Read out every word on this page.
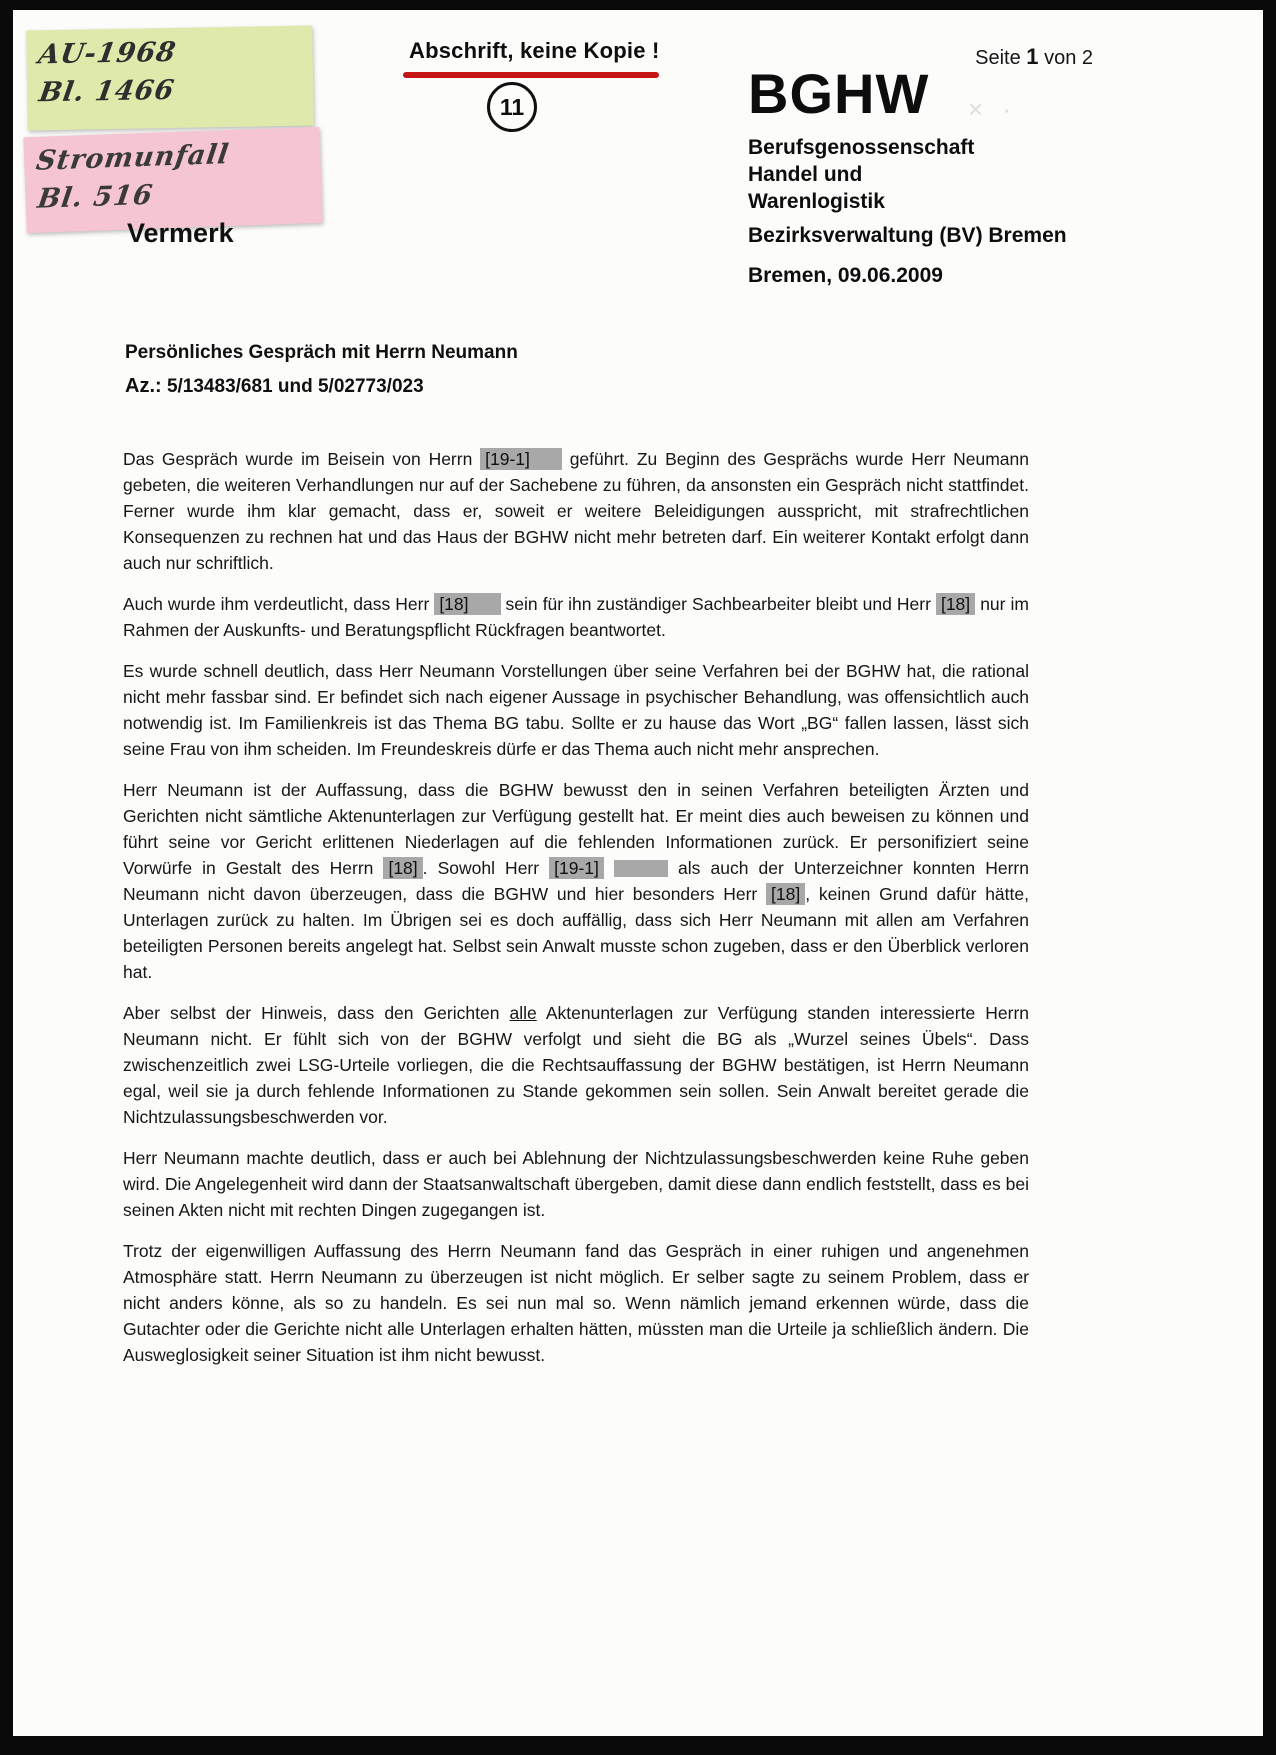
AU-1968
Bl. 1466
Stromunfall
Bl. 516
Abschrift, keine Kopie !
11
Seite 1 von 2
BGHW	× ·
Berufsgenossenschaft
Handel und
Warenlogistik
Bezirksverwaltung (BV) Bremen
Bremen, 09.06.2009
Vermerk
Persönliches Gespräch mit Herrn Neumann
Az.: 5/13483/681 und 5/02773/023

Das Gespräch wurde im Beisein von Herrn [19-1] geführt. Zu Beginn des Gesprächs wurde Herr Neumann gebeten, die weiteren Verhandlungen nur auf der Sachebene zu führen, da ansonsten ein Gespräch nicht stattfindet. Ferner wurde ihm klar gemacht, dass er, soweit er weitere Beleidigungen ausspricht, mit strafrechtlichen Konsequenzen zu rechnen hat und das Haus der BGHW nicht mehr betreten darf. Ein weiterer Kontakt erfolgt dann auch nur schriftlich.

Auch wurde ihm verdeutlicht, dass Herr [18] sein für ihn zuständiger Sachbearbeiter bleibt und Herr [18] nur im Rahmen der Auskunfts- und Beratungspflicht Rückfragen beantwortet.

Es wurde schnell deutlich, dass Herr Neumann Vorstellungen über seine Verfahren bei der BGHW hat, die rational nicht mehr fassbar sind. Er befindet sich nach eigener Aussage in psychischer Behandlung, was offensichtlich auch notwendig ist. Im Familienkreis ist das Thema BG tabu. Sollte er zu hause das Wort „BG“ fallen lassen, lässt sich seine Frau von ihm scheiden. Im Freundeskreis dürfe er das Thema auch nicht mehr ansprechen.

Herr Neumann ist der Auffassung, dass die BGHW bewusst den in seinen Verfahren beteiligten Ärzten und Gerichten nicht sämtliche Aktenunterlagen zur Verfügung gestellt hat. Er meint dies auch beweisen zu können und führt seine vor Gericht erlittenen Niederlagen auf die fehlenden Informationen zurück. Er personifiziert seine Vorwürfe in Gestalt des Herrn [18] . Sowohl Herr [19-1]	als auch der Unterzeichner konnten Herrn Neumann nicht davon überzeugen, dass die BGHW und hier besonders Herr [18] , keinen Grund dafür hätte, Unterlagen zurück zu halten. Im Übrigen sei es doch auffällig, dass sich Herr Neumann mit allen am Verfahren beteiligten Personen bereits angelegt hat. Selbst sein Anwalt musste schon zugeben, dass er den Überblick verloren hat.

Aber selbst der Hinweis, dass den Gerichten alle Aktenunterlagen zur Verfügung standen interessierte Herrn Neumann nicht. Er fühlt sich von der BGHW verfolgt und sieht die BG als „Wurzel seines Übels“. Dass zwischenzeitlich zwei LSG-Urteile vorliegen, die die Rechtsauffassung der BGHW bestätigen, ist Herrn Neumann egal, weil sie ja durch fehlende Informationen zu Stande gekommen sein sollen. Sein Anwalt bereitet gerade die Nichtzulassungsbeschwerden vor.

Herr Neumann machte deutlich, dass er auch bei Ablehnung der Nichtzulassungsbeschwerden keine Ruhe geben wird. Die Angelegenheit wird dann der Staatsanwaltschaft übergeben, damit diese dann endlich feststellt, dass es bei seinen Akten nicht mit rechten Dingen zugegangen ist.

Trotz der eigenwilligen Auffassung des Herrn Neumann fand das Gespräch in einer ruhigen und angenehmen Atmosphäre statt. Herrn Neumann zu überzeugen ist nicht möglich. Er selber sagte zu seinem Problem, dass er nicht anders könne, als so zu handeln. Es sei nun mal so. Wenn nämlich jemand erkennen würde, dass die Gutachter oder die Gerichte nicht alle Unterlagen erhalten hätten, müssten man die Urteile ja schließlich ändern. Die Ausweglosigkeit seiner Situation ist ihm nicht bewusst.
